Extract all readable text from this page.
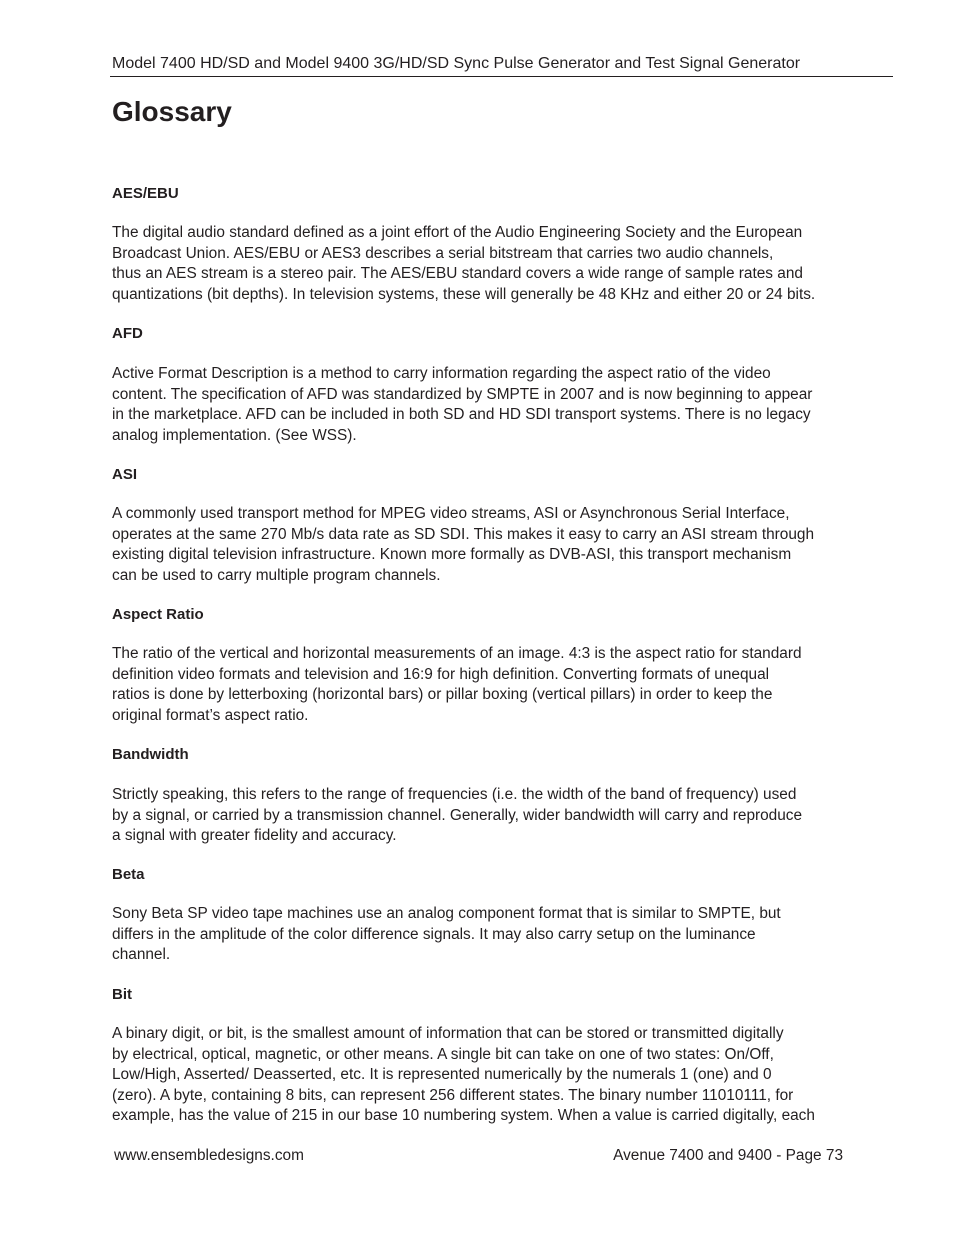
Model 7400 HD/SD and Model 9400 3G/HD/SD Sync Pulse Generator and Test Signal Generator
Glossary
AES/EBU
The digital audio standard defined as a joint effort of the Audio Engineering Society and the European
Broadcast Union. AES/EBU or AES3 describes a serial bitstream that carries two audio channels,
thus an AES stream is a stereo pair. The AES/EBU standard covers a wide range of sample rates and
quantizations (bit depths). In television systems, these will generally be 48 KHz and either 20 or 24 bits.
AFD
Active Format Description is a method to carry information regarding the aspect ratio of the video
content. The specification of AFD was standardized by SMPTE in 2007 and is now beginning to appear
in the marketplace. AFD can be included in both SD and HD SDI transport systems. There is no legacy
analog implementation. (See WSS).
ASI
A commonly used transport method for MPEG video streams, ASI or Asynchronous Serial Interface,
operates at the same 270 Mb/s data rate as SD SDI. This makes it easy to carry an ASI stream through
existing digital television infrastructure. Known more formally as DVB-ASI, this transport mechanism
can be used to carry multiple program channels.
Aspect Ratio
The ratio of the vertical and horizontal measurements of an image. 4:3 is the aspect ratio for standard
definition video formats and television and 16:9 for high definition. Converting formats of unequal
ratios is done by letterboxing (horizontal bars) or pillar boxing (vertical pillars) in order to keep the
original format’s aspect ratio.
Bandwidth
Strictly speaking, this refers to the range of frequencies (i.e. the width of the band of frequency) used
by a signal, or carried by a transmission channel. Generally, wider bandwidth will carry and reproduce
a signal with greater fidelity and accuracy.
Beta
Sony Beta SP video tape machines use an analog component format that is similar to SMPTE, but
differs in the amplitude of the color difference signals. It may also carry setup on the luminance
channel.
Bit
A binary digit, or bit, is the smallest amount of information that can be stored or transmitted digitally
by electrical, optical, magnetic, or other means. A single bit can take on one of two states: On/Off,
Low/High, Asserted/ Deasserted, etc. It is represented numerically by the numerals 1 (one) and 0
(zero). A byte, containing 8 bits, can represent 256 different states. The binary number 11010111, for
example, has the value of 215 in our base 10 numbering system. When a value is carried digitally, each
www.ensembledesigns.com	Avenue 7400 and 9400 - Page 73
